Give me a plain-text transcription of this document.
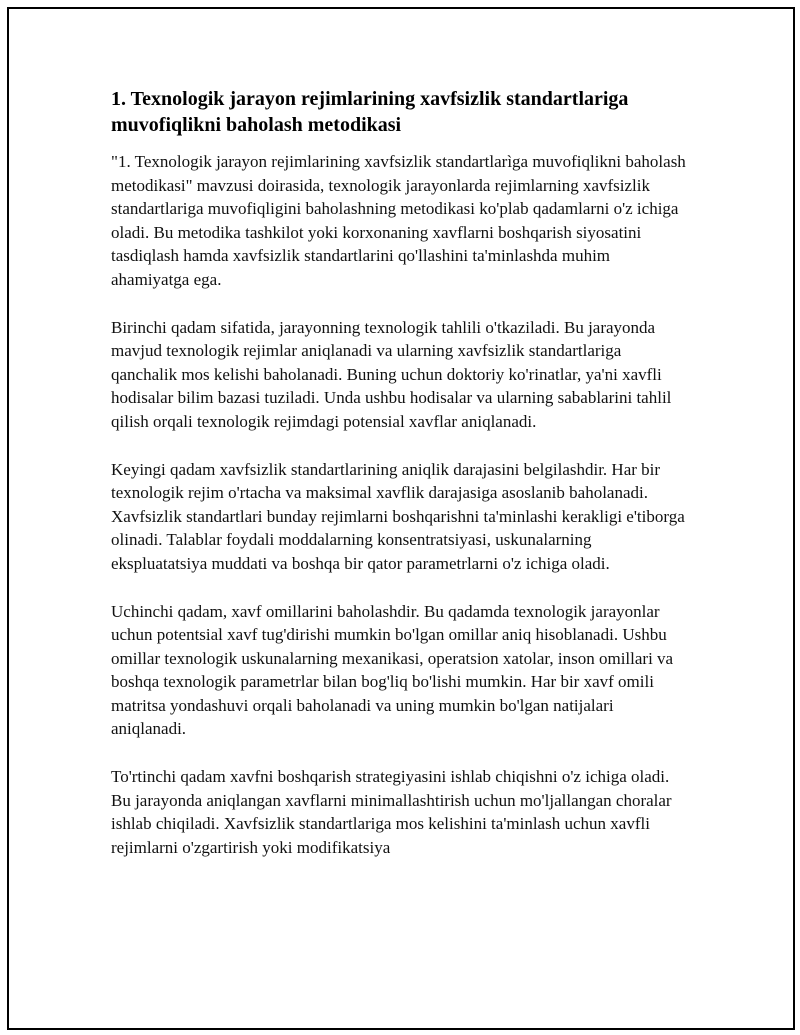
1. Texnologik jarayon rejimlarining xavfsizlik standartlariga muvofiqlikni baholash metodikasi

"1. Texnologik jarayon rejimlarining xavfsizlik standartlarìga muvofiqlikni baholash metodikasi" mavzusi doirasida, texnologik jarayonlarda rejimlarning xavfsizlik standartlariga muvofiqligini baholashning metodikasi ko'plab qadamlarni o'z ichiga oladi. Bu metodika tashkilot yoki korxonaning xavflarni boshqarish siyosatini tasdiqlash hamda xavfsizlik standartlarini qo'llashini ta'minlashda muhim ahamiyatga ega.

Birinchi qadam sifatida, jarayonning texnologik tahlili o'tkaziladi. Bu jarayonda mavjud texnologik rejimlar aniqlanadi va ularning xavfsizlik standartlariga qanchalik mos kelishi baholanadi. Buning uchun doktoriy ko'rinatlar, ya'ni xavfli hodisalar bilim bazasi tuziladi. Unda ushbu hodisalar va ularning sabablarini tahlil qilish orqali texnologik rejimdagi potensial xavflar aniqlanadi.

Keyingi qadam xavfsizlik standartlarining aniqlik darajasini belgilashdir. Har bir texnologik rejim o'rtacha va maksimal xavflik darajasiga asoslanib baholanadi. Xavfsizlik standartlari bunday rejimlarni boshqarishni ta'minlashi kerakligi e'tiborga olinadi. Talablar foydali moddalarning konsentratsiyasi, uskunalarning ekspluatatsiya muddati va boshqa bir qator parametrlarni o'z ichiga oladi.

Uchinchi qadam, xavf omillarini baholashdir. Bu qadamda texnologik jarayonlar uchun potentsial xavf tug'dirishi mumkin bo'lgan omillar aniq hisoblanadi. Ushbu omillar texnologik uskunalarning mexanikasi, operatsion xatolar, inson omillari va boshqa texnologik parametrlar bilan bog'liq bo'lishi mumkin. Har bir xavf omili matritsa yondashuvi orqali baholanadi va uning mumkin bo'lgan natijalari aniqlanadi.

To'rtinchi qadam xavfni boshqarish strategiyasini ishlab chiqishni o'z ichiga oladi. Bu jarayonda aniqlangan xavflarni minimallashtirish uchun mo'ljallangan choralar ishlab chiqiladi. Xavfsizlik standartlariga mos kelishini ta'minlash uchun xavfli rejimlarni o'zgartirish yoki modifikatsiya
